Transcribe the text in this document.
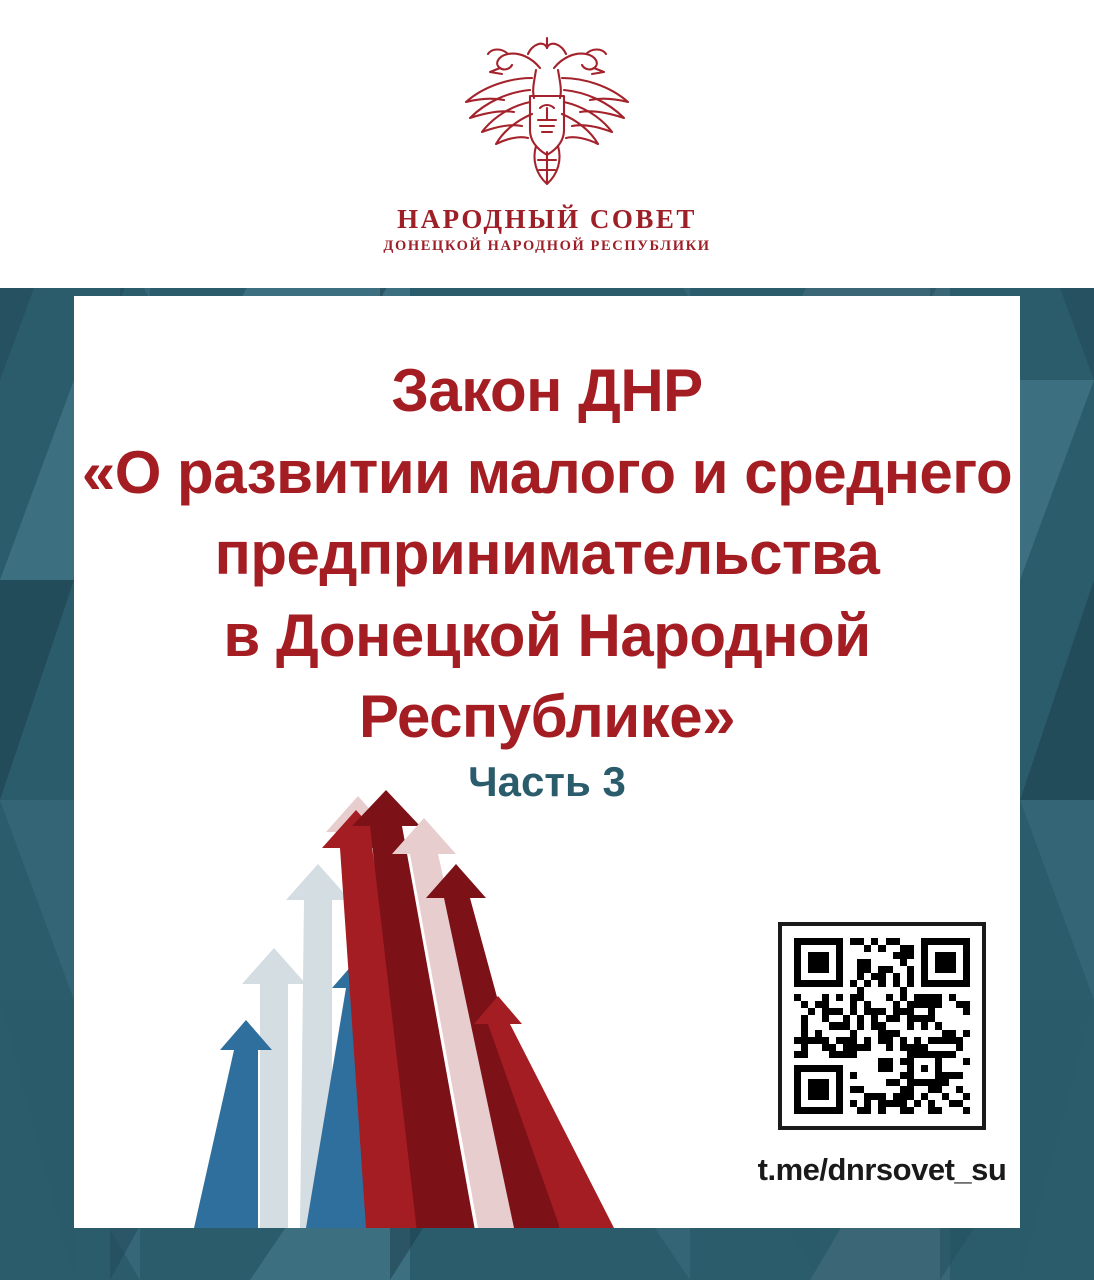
НАРОДНЫЙ СОВЕТ
ДОНЕЦКОЙ НАРОДНОЙ РЕСПУБЛИКИ
Закон ДНР
«О развитии малого и среднего
предпринимательства
в Донецкой Народной Республике»
Часть 3
t.me/dnrsovet_su
